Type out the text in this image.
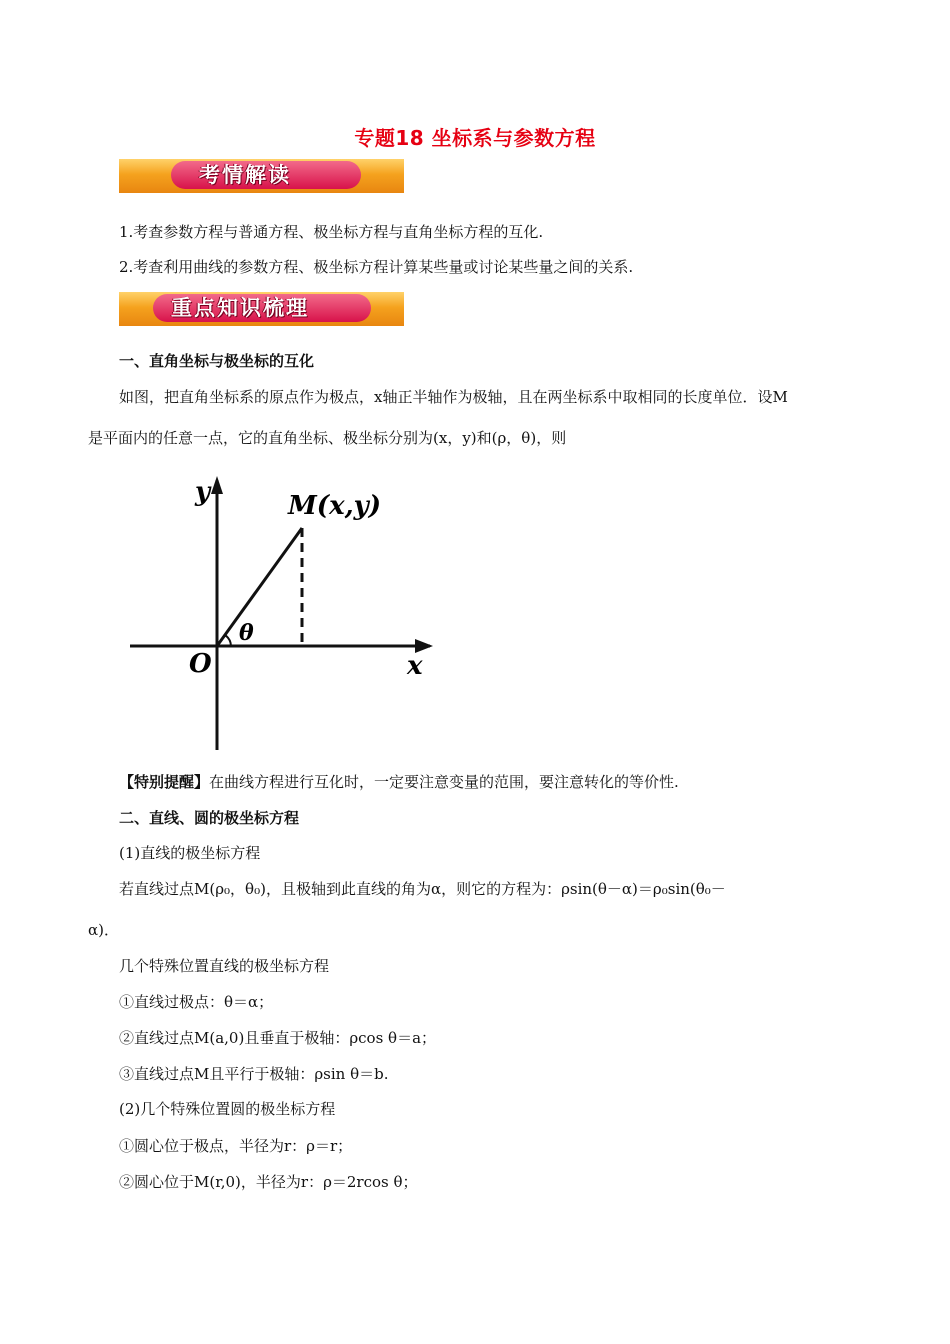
专题18 坐标系与参数方程
考情解读
1.考查参数方程与普通方程、极坐标方程与直角坐标方程的互化.
2.考查利用曲线的参数方程、极坐标方程计算某些量或讨论某些量之间的关系.
重点知识梳理
一、直角坐标与极坐标的互化
如图，把直角坐标系的原点作为极点，x轴正半轴作为极轴，且在两坐标系中取相同的长度单位．设M
是平面内的任意一点，它的直角坐标、极坐标分别为(x，y)和(ρ，θ)，则
y
x
O
M(x,y)
θ
【特别提醒】在曲线方程进行互化时，一定要注意变量的范围，要注意转化的等价性.
二、直线、圆的极坐标方程
(1)直线的极坐标方程
若直线过点M(ρ₀，θ₀)，且极轴到此直线的角为α，则它的方程为：ρsin(θ－α)＝ρ₀sin(θ₀－
α)．
几个特殊位置直线的极坐标方程
①直线过极点：θ＝α；
②直线过点M(a,0)且垂直于极轴：ρcos θ＝a；
③直线过点M且平行于极轴：ρsin θ＝b.
(2)几个特殊位置圆的极坐标方程
①圆心位于极点，半径为r：ρ＝r；
②圆心位于M(r,0)，半径为r：ρ＝2rcos θ；
